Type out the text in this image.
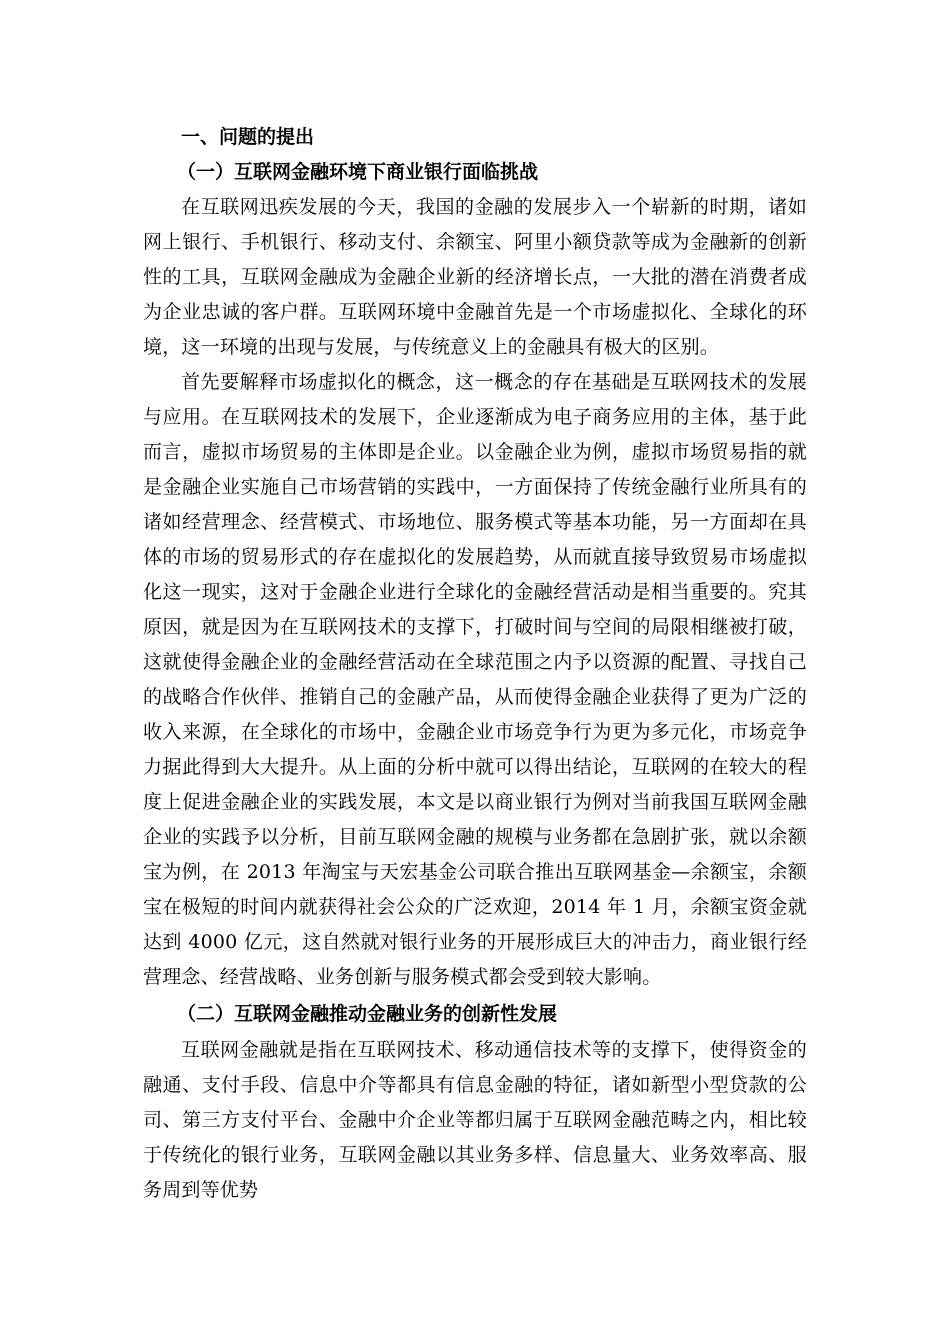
一、问题的提出
（一）互联网金融环境下商业银行面临挑战

在互联网迅疾发展的今天，我国的金融的发展步入一个崭新的时期，诸如网上银行、手机银行、移动支付、余额宝、阿里小额贷款等成为金融新的创新性的工具，互联网金融成为金融企业新的经济增长点，一大批的潜在消费者成为企业忠诚的客户群。互联网环境中金融首先是一个市场虚拟化、全球化的环境，这一环境的出现与发展，与传统意义上的金融具有极大的区别。

首先要解释市场虚拟化的概念，这一概念的存在基础是互联网技术的发展与应用。在互联网技术的发展下，企业逐渐成为电子商务应用的主体，基于此而言，虚拟市场贸易的主体即是企业。以金融企业为例，虚拟市场贸易指的就是金融企业实施自己市场营销的实践中，一方面保持了传统金融行业所具有的诸如经营理念、经营模式、市场地位、服务模式等基本功能，另一方面却在具体的市场的贸易形式的存在虚拟化的发展趋势，从而就直接导致贸易市场虚拟化这一现实，这对于金融企业进行全球化的金融经营活动是相当重要的。究其原因，就是因为在互联网技术的支撑下，打破时间与空间的局限相继被打破，这就使得金融企业的金融经营活动在全球范围之内予以资源的配置、寻找自己的战略合作伙伴、推销自己的金融产品，从而使得金融企业获得了更为广泛的收入来源，在全球化的市场中，金融企业市场竞争行为更为多元化，市场竞争力据此得到大大提升。从上面的分析中就可以得出结论，互联网的在较大的程度上促进金融企业的实践发展，本文是以商业银行为例对当前我国互联网金融企业的实践予以分析，目前互联网金融的规模与业务都在急剧扩张，就以余额宝为例，在 2013 年淘宝与天宏基金公司联合推出互联网基金—余额宝，余额宝在极短的时间内就获得社会公众的广泛欢迎，2014 年 1 月，余额宝资金就达到 4000 亿元，这自然就对银行业务的开展形成巨大的冲击力，商业银行经营理念、经营战略、业务创新与服务模式都会受到较大影响。

（二）互联网金融推动金融业务的创新性发展

互联网金融就是指在互联网技术、移动通信技术等的支撑下，使得资金的融通、支付手段、信息中介等都具有信息金融的特征，诸如新型小型贷款的公司、第三方支付平台、金融中介企业等都归属于互联网金融范畴之内，相比较于传统化的银行业务，互联网金融以其业务多样、信息量大、业务效率高、服务周到等优势
